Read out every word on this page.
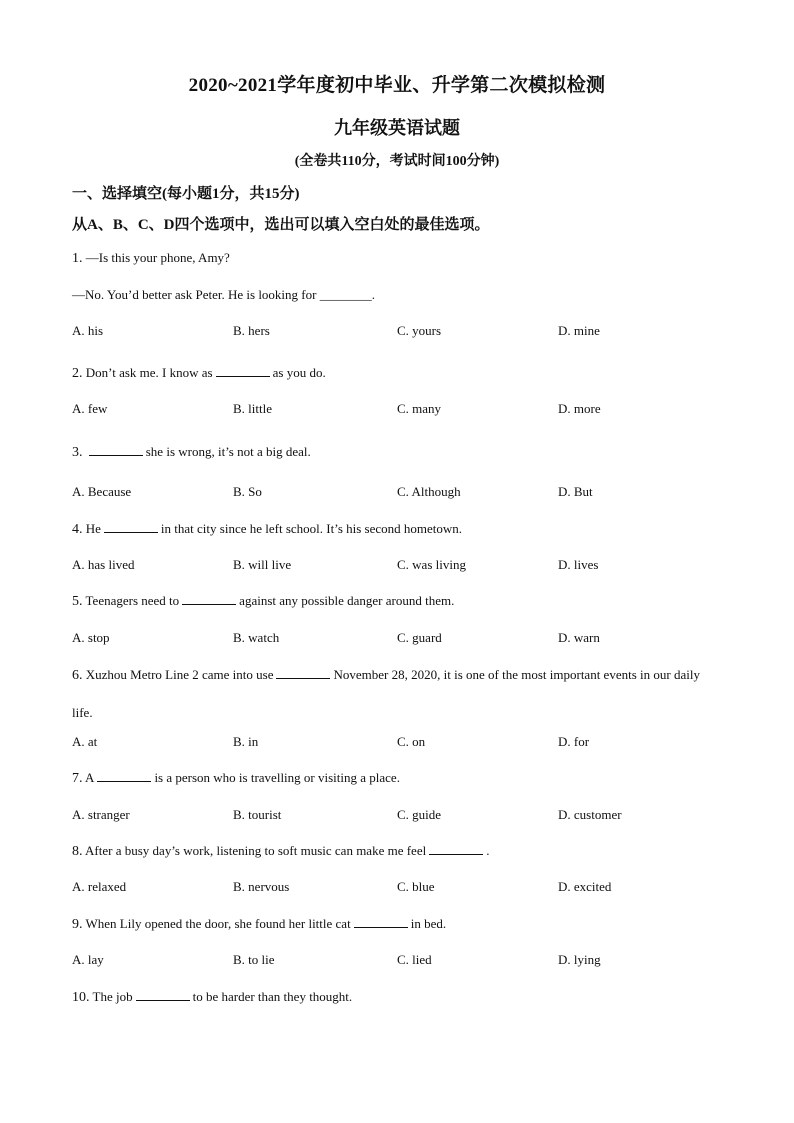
2020~2021学年度初中毕业、升学第二次模拟检测
九年级英语试题
(全卷共110分，考试时间100分钟)
一、选择填空(每小题1分，共15分)
从A、B、C、D四个选项中，选出可以填入空白处的最佳选项。
1. —Is this your phone, Amy?
—No. You’d better ask Peter. He is looking for ________.
A. his	B. hers	C. yours	D. mine
2. Don’t ask me. I know as	as you do.
A. few	B. little	C. many	D. more
3.	she is wrong, it’s not a big deal.
A. Because	B. So	C. Although	D. But
4. He	in that city since he left school. It’s his second hometown.
A. has lived	B. will live	C. was living	D. lives
5. Teenagers need to	against any possible danger around them.
A. stop	B. watch	C. guard	D. warn
6. Xuzhou Metro Line 2 came into use	November 28, 2020, it is one of the most important events in our daily life.
A. at	B. in	C. on	D. for
7. A	is a person who is travelling or visiting a place.
A. stranger	B. tourist	C. guide	D. customer
8. After a busy day’s work, listening to soft music can make me feel	.
A. relaxed	B. nervous	C. blue	D. excited
9. When Lily opened the door, she found her little cat	in bed.
A. lay	B. to lie	C. lied	D. lying
10. The job	to be harder than they thought.
